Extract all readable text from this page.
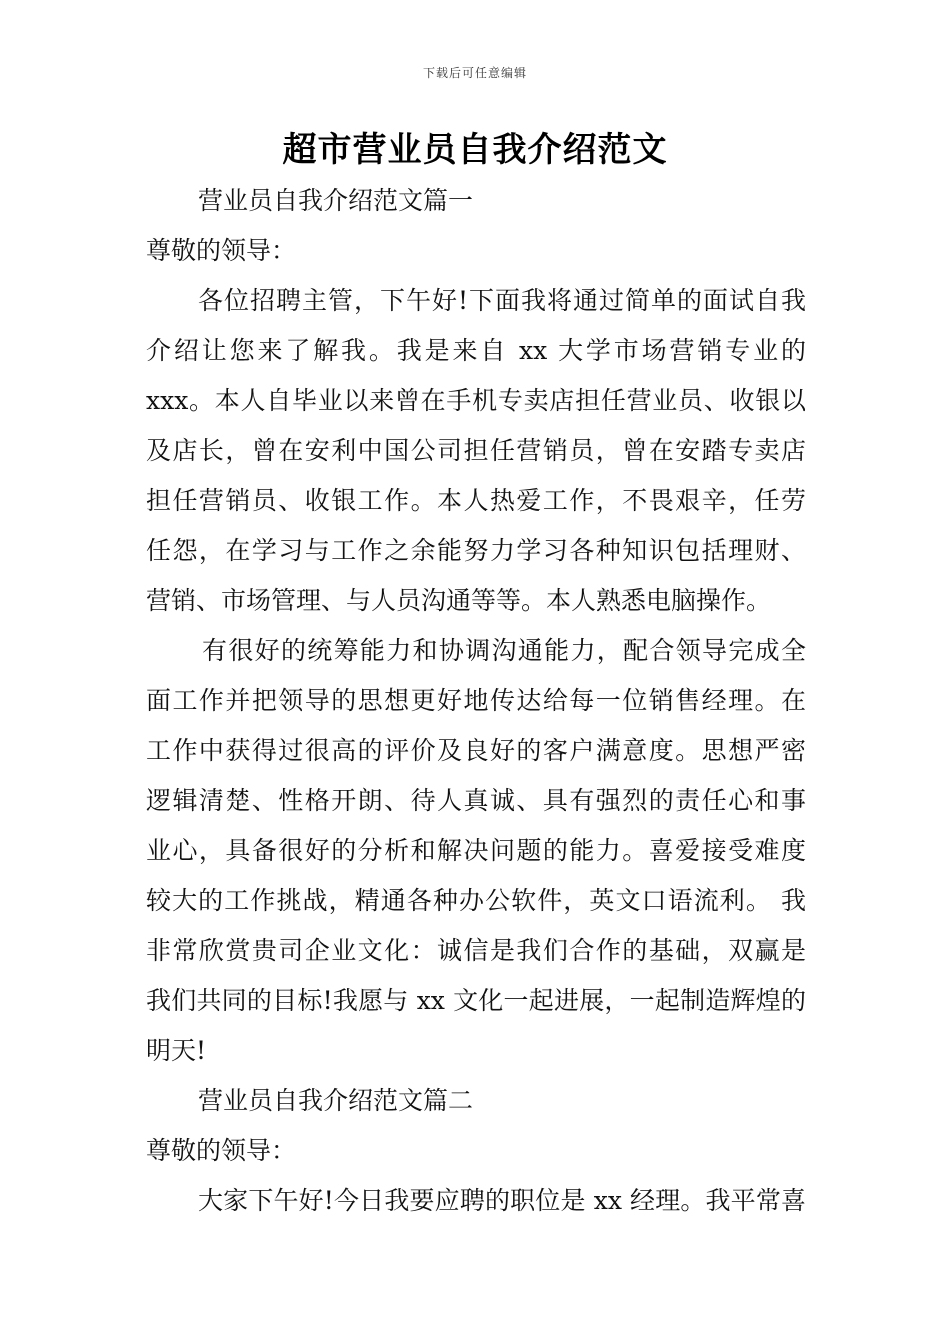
下载后可任意编辑
超市营业员自我介绍范文
营业员自我介绍范文篇一
尊敬的领导：
各位招聘主管，下午好!下面我将通过简单的面试自我
介绍让您来了解我。我是来自 xx 大学市场营销专业的
xxx。本人自毕业以来曾在手机专卖店担任营业员、收银以
及店长，曾在安利中国公司担任营销员，曾在安踏专卖店
担任营销员、收银工作。本人热爱工作，不畏艰辛，任劳
任怨，在学习与工作之余能努力学习各种知识包括理财、
营销、市场管理、与人员沟通等等。本人熟悉电脑操作。
有很好的统筹能力和协调沟通能力，配合领导完成全
面工作并把领导的思想更好地传达给每一位销售经理。在
工作中获得过很高的评价及良好的客户满意度。思想严密
逻辑清楚、性格开朗、待人真诚、具有强烈的责任心和事
业心，具备很好的分析和解决问题的能力。喜爱接受难度
较大的工作挑战，精通各种办公软件，英文口语流利。 我
非常欣赏贵司企业文化：诚信是我们合作的基础，双赢是
我们共同的目标!我愿与 xx 文化一起进展，一起制造辉煌的
明天!
营业员自我介绍范文篇二
尊敬的领导：
大家下午好!今日我要应聘的职位是 xx 经理。我平常喜
